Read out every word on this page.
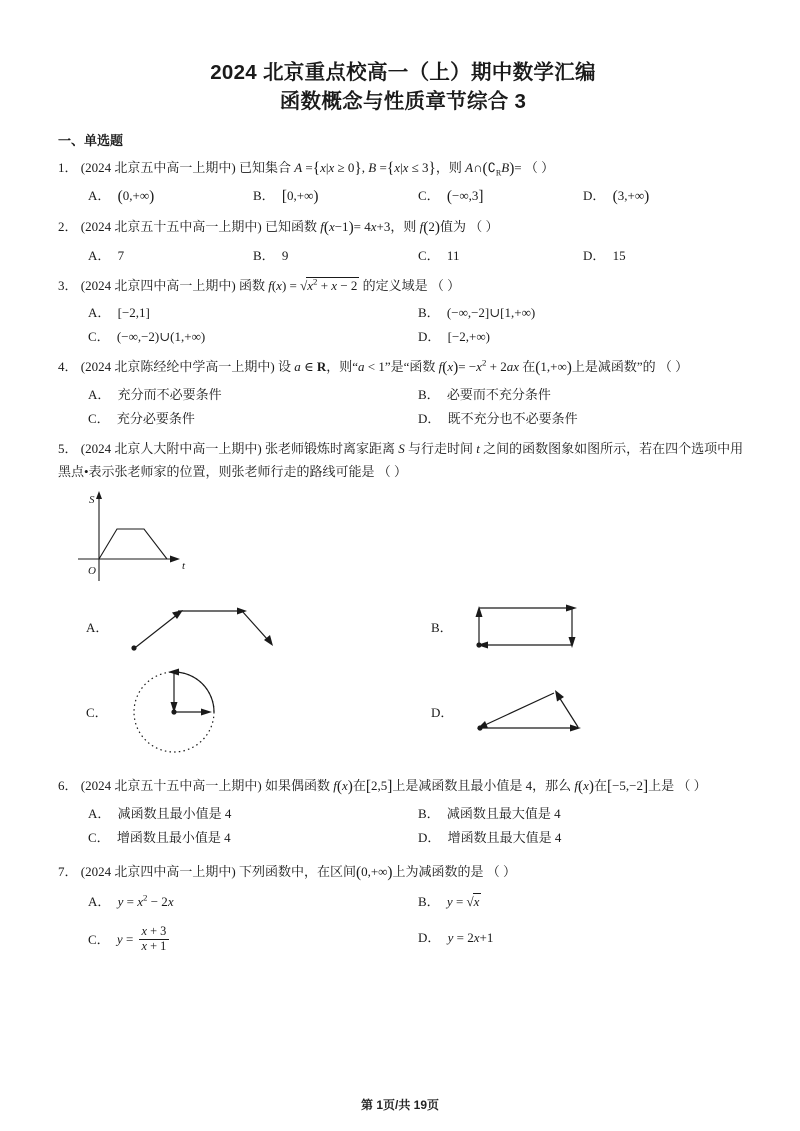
2024 北京重点校高一（上）期中数学汇编
函数概念与性质章节综合 3
一、单选题
1． (2024 北京五中高一上期中) 已知集合 A ={x|x ≥ 0}, B ={x|x ≤ 3}，则 $A\cap(∁_RB)=$ （ ）
A． (0,+∞)	B． [0,+∞)	C． (−∞,3]	D． (3,+∞)
2． (2024 北京五十五中高一上期中) 已知函数 f(x−1)= 4x+3，则 f(2)值为 （ ）
A． 7	B． 9	C． 11	D． 15
3． (2024 北京四中高一上期中) 函数 $f(x) = √x^2 + x - 2$ 的定义域是 （ ）
A． [−2,1]	B． (−∞,−2]∪[1,+∞)
C． (−∞,−2)∪(1,+∞)	D． [−2,+∞)
4． (2024 北京陈经纶中学高一上期中) 设 a ∈ R，则“a < 1”是“函数 $f(x)= -x^2 + 2ax$ 在(1,+∞)上是减函数”的 （ ）
A． 充分而不必要条件	B． 必要而不充分条件
C． 充分必要条件	D． 既不充分也不必要条件
5． (2024 北京人大附中高一上期中) 张老师锻炼时离家距离 S 与行走时间 t 之间的函数图象如图所示，若在四个选项中用黑点•表示张老师家的位置，则张老师行走的路线可能是 （ ）
S
O	t
A．	B．
C．	D．
6． (2024 北京五十五中高一上期中) 如果偶函数 f(x)在[2,5]上是减函数且最小值是 4，那么 f(x)在[−5,−2]上是 （ ）
A． 减函数且最小值是 4	B． 减函数且最大值是 4
C． 增函数且最小值是 4	D． 增函数且最大值是 4
7． (2024 北京四中高一上期中) 下列函数中，在区间(0,+∞)上为减函数的是 （ ）
A． $y = x^2 - 2x$	B． y = √x
C． $y = \frac{x + 3}{x + 1}$	D． y = 2x+1
第 1页/共 19页
